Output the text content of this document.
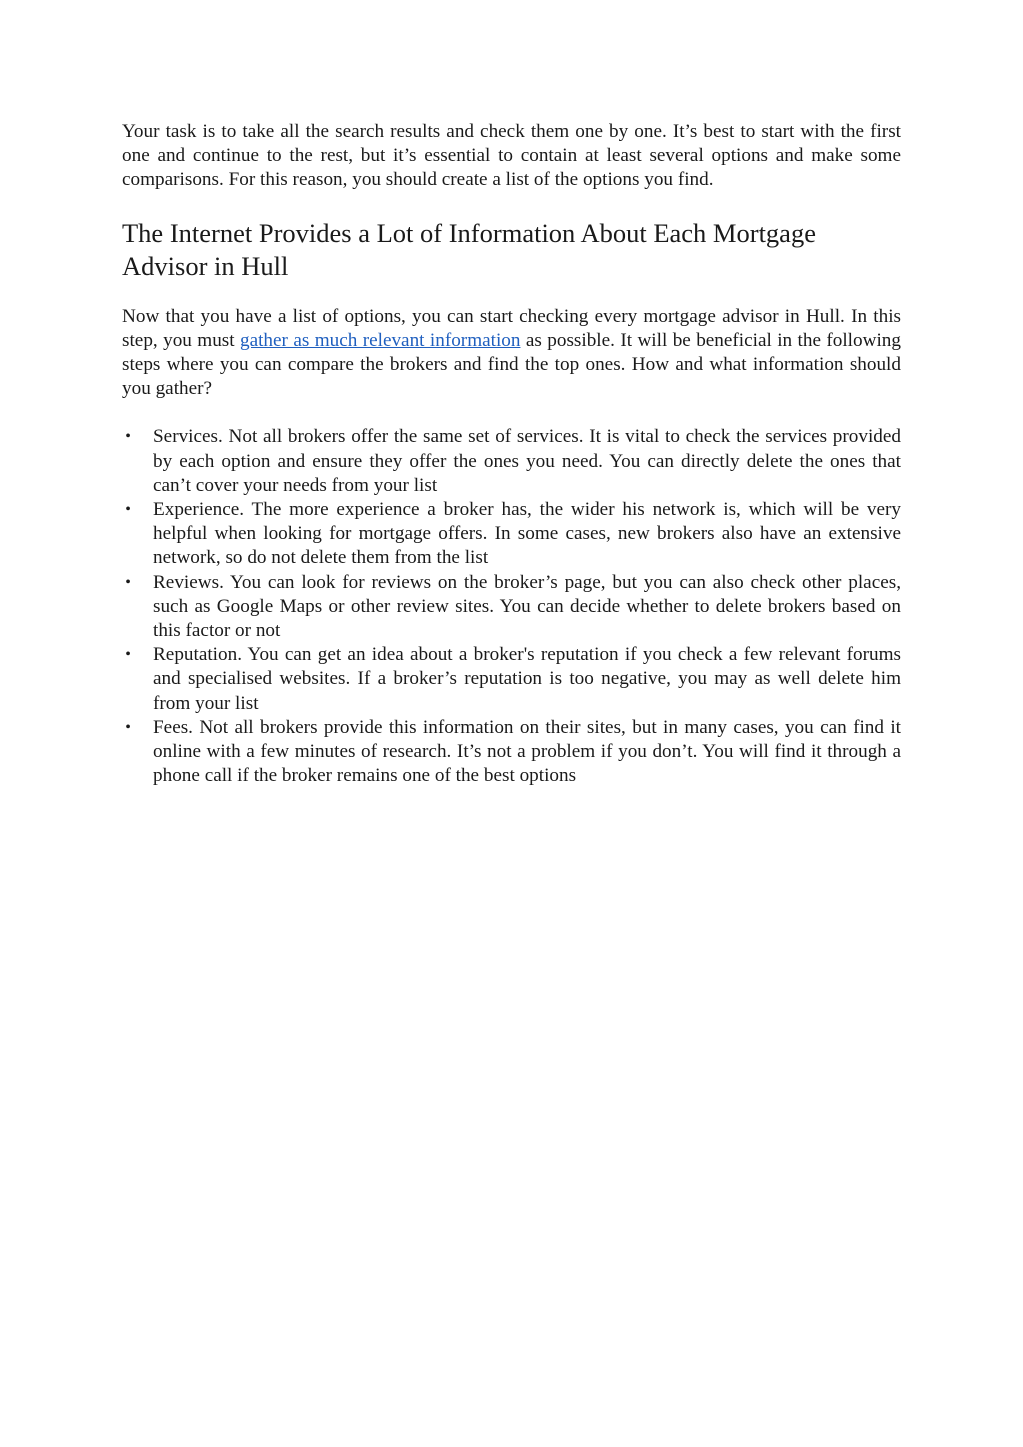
Your task is to take all the search results and check them one by one. It’s best to start with the first one and continue to the rest, but it’s essential to contain at least several options and make some comparisons. For this reason, you should create a list of the options you find.

The Internet Provides a Lot of Information About Each Mortgage Advisor in Hull

Now that you have a list of options, you can start checking every mortgage advisor in Hull. In this step, you must gather as much relevant information as possible. It will be beneficial in the following steps where you can compare the brokers and find the top ones. How and what information should you gather?

• Services. Not all brokers offer the same set of services. It is vital to check the services provided by each option and ensure they offer the ones you need. You can directly delete the ones that can’t cover your needs from your list
• Experience. The more experience a broker has, the wider his network is, which will be very helpful when looking for mortgage offers. In some cases, new brokers also have an extensive network, so do not delete them from the list
• Reviews. You can look for reviews on the broker’s page, but you can also check other places, such as Google Maps or other review sites. You can decide whether to delete brokers based on this factor or not
• Reputation. You can get an idea about a broker's reputation if you check a few relevant forums and specialised websites. If a broker’s reputation is too negative, you may as well delete him from your list
• Fees. Not all brokers provide this information on their sites, but in many cases, you can find it online with a few minutes of research. It’s not a problem if you don’t. You will find it through a phone call if the broker remains one of the best options
